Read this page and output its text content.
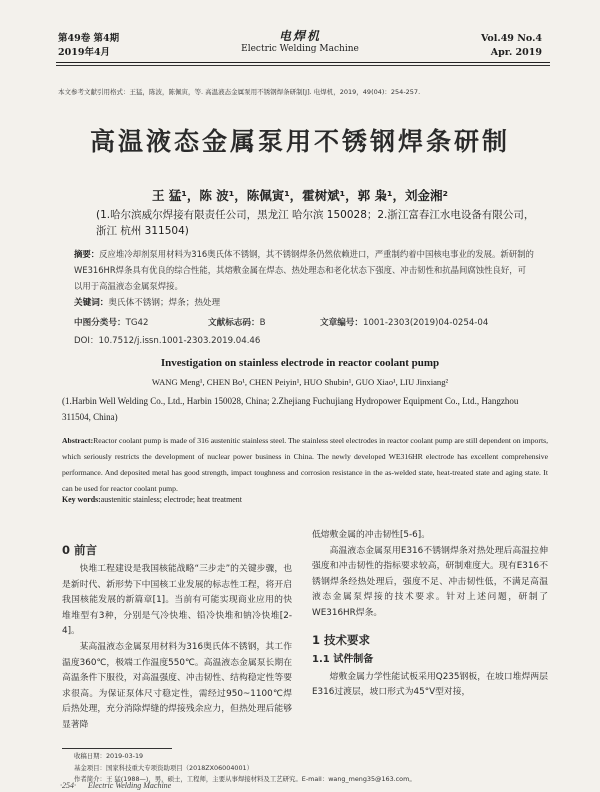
第49卷 第4期
2019年4月
电焊机
Electric Welding Machine
Vol.49 No.4
Apr. 2019
本文参考文献引用格式：王猛，陈波，陈佩寅，等. 高温液态金属泵用不锈钢焊条研制[J]. 电焊机，2019，49(04)：254-257.
高温液态金属泵用不锈钢焊条研制
王 猛¹，陈 波¹，陈佩寅¹，霍树斌¹，郭 枭¹，刘金湘²
(1.哈尔滨威尔焊接有限责任公司，黑龙江 哈尔滨 150028；2.浙江富春江水电设备有限公司，浙江 杭州 311504)
摘要：反应堆冷却剂泵用材料为316奥氏体不锈钢，其不锈钢焊条仍然依赖进口，严重制约着中国核电事业的发展。新研制的WE316HR焊条具有优良的综合性能，其熔敷金属在焊态、热处理态和老化状态下强度、冲击韧性和抗晶间腐蚀性良好，可以用于高温液态金属泵焊接。
关键词：奥氏体不锈钢；焊条；热处理
中图分类号：TG42	文献标志码：B	文章编号：1001-2303(2019)04-0254-04
DOI：10.7512/j.issn.1001-2303.2019.04.46
Investigation on stainless electrode in reactor coolant pump
WANG Meng¹, CHEN Bo¹, CHEN Peiyin¹, HUO Shubin¹, GUO Xiao¹, LIU Jinxiang²
(1.Harbin Well Welding Co., Ltd., Harbin 150028, China; 2.Zhejiang Fuchujiang Hydropower Equipment Co., Ltd., Hangzhou 311504, China)
Abstract:Reactor coolant pump is made of 316 austenitic stainless steel. The stainless steel electrodes in reactor coolant pump are still dependent on imports, which seriously restricts the development of nuclear power business in China. The newly developed WE316HR electrode has excellent comprehensive performance. And deposited metal has good strength, impact toughness and corrosion resistance in the as-welded state, heat-treated state and aging state. It can be used for reactor coolant pump.
Key words:austenitic stainless; electrode; heat treatment
0 前言

快堆工程建设是我国核能战略“三步走”的关键步骤，也是新时代、新形势下中国核工业发展的标志性工程，将开启我国核能发展的新篇章[1]。当前有可能实现商业应用的快堆堆型有3种，分别是气冷快堆、铅冷快堆和钠冷快堆[2-4]。

某高温液态金属泵用材料为316奥氏体不锈钢，其工作温度360℃，极端工作温度550℃。高温液态金属泵长期在高温条件下服役，对高温强度、冲击韧性、结构稳定性等要求很高。为保证泵体尺寸稳定性，需经过950~1100℃焊后热处理，充分消除焊缝的焊接残余应力，但热处理后能够显著降

低熔敷金属的冲击韧性[5-6]。

高温液态金属泵用E316不锈钢焊条对热处理后高温拉伸强度和冲击韧性的指标要求较高，研制难度大。现有E316不锈钢焊条经热处理后，强度不足、冲击韧性低，不满足高温液态金属泵焊接的技术要求。针对上述问题，研制了WE316HR焊条。

1 技术要求
1.1 试件制备

熔敷金属力学性能试板采用Q235钢板，在坡口堆焊两层E316过渡层，坡口形式为45°V型对接，

收稿日期：2019-03-19
基金项目：国家科技重大专项资助项目（2018ZX06004001）
作者简介：王 猛(1988—)，男，硕士，工程师，主要从事焊接材料及工艺研究。E-mail：wang_meng35@163.com。
·254· Electric Welding Machine
